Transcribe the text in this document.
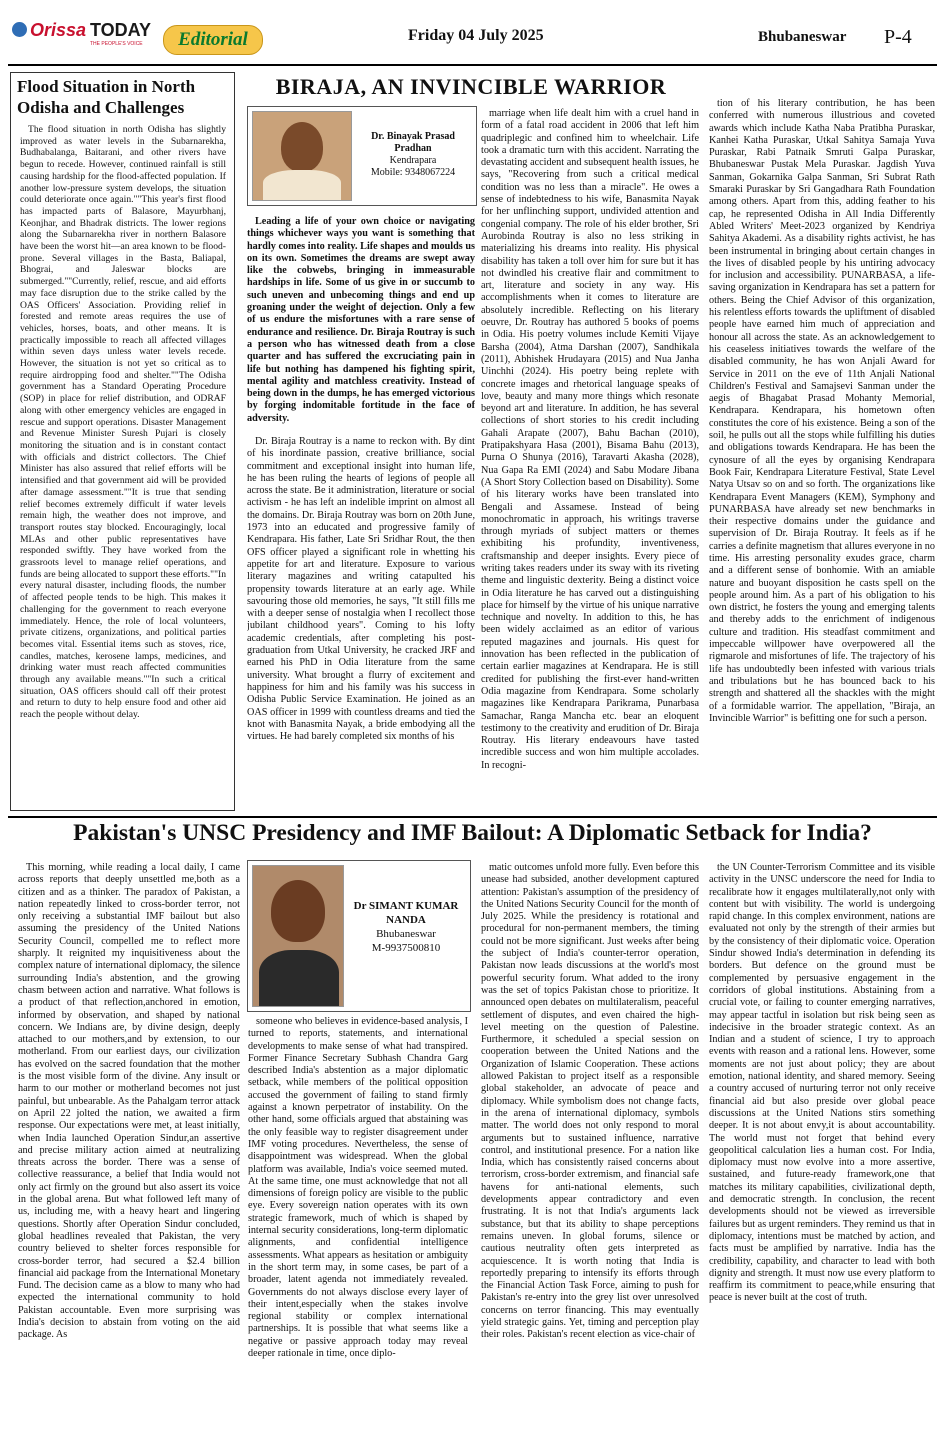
Orissa TODAY
THE PEOPLE'S VOICE	Editorial	Friday 04 July 2025	Bhubaneswar P-4
Flood Situation in North Odisha and Challenges

The flood situation in north Odisha has slightly improved as water levels in the Subarnarekha, Budhabalanga, Baitarani, and other rivers have begun to recede. However, continued rainfall is still causing hardship for the flood-affected population. If another low-pressure system develops, the situation could deteriorate once again.""This year's first flood has impacted parts of Balasore, Mayurbhanj, Keonjhar, and Bhadrak districts. The lower regions along the Subarnarekha river in northern Balasore have been the worst hit—an area known to be flood-prone. Several villages in the Basta, Baliapal, Bhograi, and Jaleswar blocks are submerged.""Currently, relief, rescue, and aid efforts may face disruption due to the strike called by the OAS Officers' Association. Providing relief in forested and remote areas requires the use of vehicles, horses, boats, and other means. It is practically impossible to reach all affected villages within seven days unless water levels recede. However, the situation is not yet so critical as to require airdropping food and shelter.""The Odisha government has a Standard Operating Procedure (SOP) in place for relief distribution, and ODRAF along with other emergency vehicles are engaged in rescue and support operations. Disaster Management and Revenue Minister Suresh Pujari is closely monitoring the situation and is in constant contact with officials and district collectors. The Chief Minister has also assured that relief efforts will be intensified and that government aid will be provided after damage assessment.""It is true that sending relief becomes extremely difficult if water levels remain high, the weather does not improve, and transport routes stay blocked. Encouragingly, local MLAs and other public representatives have responded swiftly. They have worked from the grassroots level to manage relief operations, and funds are being allocated to support these efforts.""In every natural disaster, including floods, the number of affected people tends to be high. This makes it challenging for the government to reach everyone immediately. Hence, the role of local volunteers, private citizens, organizations, and political parties becomes vital. Essential items such as stoves, rice, candles, matches, kerosene lamps, medicines, and drinking water must reach affected communities through any available means.""In such a critical situation, OAS officers should call off their protest and return to duty to help ensure food and other aid reach the people without delay.

BIRAJA, AN INVINCIBLE WARRIOR
Dr. Binayak Prasad Pradhan
Kendrapara
Mobile: 9348067224

Leading a life of your own choice or navigating things whichever ways you want is something that hardly comes into reality. Life shapes and moulds us on its own. Sometimes the dreams are swept away like the cobwebs, bringing in immeasurable hardships in life. Some of us give in or succumb to such uneven and unbecoming things and end up groaning under the weight of dejection. Only a few of us endure the misfortunes with a rare sense of endurance and resilience. Dr. Biraja Routray is such a person who has witnessed death from a close quarter and has suffered the excruciating pain in life but nothing has dampened his fighting spirit, mental agility and matchless creativity. Instead of being down in the dumps, he has emerged victorious by forging indomitable fortitude in the face of adversity.

Dr. Biraja Routray is a name to reckon with. By dint of his inordinate passion, creative brilliance, social commitment and exceptional insight into human life, he has been ruling the hearts of legions of people all across the state. Be it administration, literature or social activism - he has left an indelible imprint on almost all the domains. Dr. Biraja Routray was born on 20th June, 1973 into an educated and progressive family of Kendrapara. His father, Late Sri Sridhar Rout, the then OFS officer played a significant role in whetting his appetite for art and literature. Exposure to various literary magazines and writing catapulted his propensity towards literature at an early age. While savouring those old memories, he says, "It still fills me with a deeper sense of nostalgia when I recollect those jubilant childhood years". Coming to his lofty academic credentials, after completing his post-graduation from Utkal University, he cracked JRF and earned his PhD in Odia literature from the same university. What brought a flurry of excitement and happiness for him and his family was his success in Odisha Public Service Examination. He joined as an OAS officer in 1999 with countless dreams and tied the knot with Banasmita Nayak, a bride embodying all the virtues. He had barely completed six months of his

marriage when life dealt him with a cruel hand in form of a fatal road accident in 2006 that left him quadriplegic and confined him to wheelchair. Life took a dramatic turn with this accident. Narrating the devastating accident and subsequent health issues, he says, "Recovering from such a critical medical condition was no less than a miracle". He owes a sense of indebtedness to his wife, Banasmita Nayak for her unflinching support, undivided attention and congenial company. The role of his elder brother, Sri Aurobinda Routray is also no less striking in materializing his dreams into reality. His physical disability has taken a toll over him for sure but it has not dwindled his creative flair and commitment to art, literature and society in any way. His accomplishments when it comes to literature are absolutely incredible. Reflecting on his literary oeuvre, Dr. Routray has authored 5 books of poems in Odia. His poetry volumes include Kemiti Vijaye Barsha (2004), Atma Darshan (2007), Sandhikala (2011), Abhishek Hrudayara (2015) and Nua Janha Uinchhi (2024). His poetry being replete with concrete images and rhetorical language speaks of love, beauty and many more things which resonate beyond art and literature. In addition, he has several collections of short stories to his credit including Gahali Arapate (2007), Bahu Bachan (2010), Pratipakshyara Hasa (2001), Bisama Bahu (2013), Purna O Shunya (2016), Taravarti Akasha (2028), Nua Gapa Ra EMI (2024) and Sabu Modare Jibana (A Short Story Collection based on Disability). Some of his literary works have been translated into Bengali and Assamese. Instead of being monochromatic in approach, his writings traverse through myriads of subject matters or themes exhibiting his profundity, inventiveness, craftsmanship and deeper insights. Every piece of writing takes readers under its sway with its riveting theme and linguistic dexterity. Being a distinct voice in Odia literature he has carved out a distinguishing place for himself by the virtue of his unique narrative technique and novelty. In addition to this, he has been widely acclaimed as an editor of various reputed magazines and journals. His quest for innovation has been reflected in the publication of certain earlier magazines at Kendrapara. He is still credited for publishing the first-ever hand-written Odia magazine from Kendrapara. Some scholarly magazines like Kendrapara Parikrama, Punarbasa Samachar, Ranga Mancha etc. bear an eloquent testimony to the creativity and erudition of Dr. Biraja Routray. His literary endeavours have tasted incredible success and won him multiple accolades. In recogni-

tion of his literary contribution, he has been conferred with numerous illustrious and coveted awards which include Katha Naba Pratibha Puraskar, Kanhei Katha Puraskar, Utkal Sahitya Samaja Yuva Puraskar, Rabi Patnaik Smruti Galpa Puraskar, Bhubaneswar Pustak Mela Puraskar. Jagdish Yuva Sanman, Gokarnika Galpa Sanman, Sri Subrat Rath Smaraki Puraskar by Sri Gangadhara Rath Foundation among others. Apart from this, adding feather to his cap, he represented Odisha in All India Differently Abled Writers' Meet-2023 organized by Kendriya Sahitya Akademi. As a disability rights activist, he has been instrumental in bringing about certain changes in the lives of disabled people by his untiring advocacy for inclusion and accessibility. PUNARBASA, a life-saving organization in Kendrapara has set a pattern for others. Being the Chief Advisor of this organization, his relentless efforts towards the upliftment of disabled people have earned him much of appreciation and honour all across the state. As an acknowledgement to his ceaseless initiatives towards the welfare of the disabled community, he has won Anjali Award for Service in 2011 on the eve of 11th Anjali National Children's Festival and Samajsevi Sanman under the aegis of Bhagabat Prasad Mohanty Memorial, Kendrapara. Kendrapara, his hometown often constitutes the core of his existence. Being a son of the soil, he pulls out all the stops while fulfilling his duties and obligations towards Kendrapara. He has been the cynosure of all the eyes by organising Kendrapara Book Fair, Kendrapara Literature Festival, State Level Natya Utsav so on and so forth. The organizations like Kendrapara Event Managers (KEM), Symphony and PUNARBASA have already set new benchmarks in their respective domains under the guidance and supervision of Dr. Biraja Routray. It feels as if he carries a definite magnetism that allures everyone in no time. His arresting personality exudes grace, charm and a different sense of bonhomie. With an amiable nature and buoyant disposition he casts spell on the people around him. As a part of his obligation to his own district, he fosters the young and emerging talents and thereby adds to the enrichment of indigenous culture and tradition. His steadfast commitment and impeccable willpower have overpowered all the rigmarole and misfortunes of life. The trajectory of his life has undoubtedly been infested with various trials and tribulations but he has bounced back to his strength and shattered all the shackles with the might of a formidable warrior. The appellation, "Biraja, an Invincible Warrior" is befitting one for such a person.

Pakistan's UNSC Presidency and IMF Bailout: A Diplomatic Setback for India?
Dr SIMANT KUMAR NANDA
Bhubaneswar
M-9937500810

This morning, while reading a local daily, I came across reports that deeply unsettled me,both as a citizen and as a thinker. The paradox of Pakistan, a nation repeatedly linked to cross-border terror, not only receiving a substantial IMF bailout but also assuming the presidency of the United Nations Security Council, compelled me to reflect more sharply. It reignited my inquisitiveness about the complex nature of international diplomacy, the silence surrounding India's abstention, and the growing chasm between action and narrative. What follows is a product of that reflection,anchored in emotion, informed by observation, and shaped by national concern. We Indians are, by divine design, deeply attached to our mothers,and by extension, to our motherland. From our earliest days, our civilization has evolved on the sacred foundation that the mother is the most visible form of the divine. Any insult or harm to our mother or motherland becomes not just painful, but unbearable. As the Pahalgam terror attack on April 22 jolted the nation, we awaited a firm response. Our expectations were met, at least initially, when India launched Operation Sindur,an assertive and precise military action aimed at neutralizing threats across the border. There was a sense of collective reassurance, a belief that India would not only act firmly on the ground but also assert its voice in the global arena. But what followed left many of us, including me, with a heavy heart and lingering questions. Shortly after Operation Sindur concluded, global headlines revealed that Pakistan, the very country believed to shelter forces responsible for cross-border terror, had secured a $2.4 billion financial aid package from the International Monetary Fund. The decision came as a blow to many who had expected the international community to hold Pakistan accountable. Even more surprising was India's decision to abstain from voting on the aid package. As

someone who believes in evidence-based analysis, I turned to reports, statements, and international developments to make sense of what had transpired. Former Finance Secretary Subhash Chandra Garg described India's abstention as a major diplomatic setback, while members of the political opposition accused the government of failing to stand firmly against a known perpetrator of instability. On the other hand, some officials argued that abstaining was the only feasible way to register disagreement under IMF voting procedures. Nevertheless, the sense of disappointment was widespread. When the global platform was available, India's voice seemed muted. At the same time, one must acknowledge that not all dimensions of foreign policy are visible to the public eye. Every sovereign nation operates with its own strategic framework, much of which is shaped by internal security considerations, long-term diplomatic alignments, and confidential intelligence assessments. What appears as hesitation or ambiguity in the short term may, in some cases, be part of a broader, latent agenda not immediately revealed. Governments do not always disclose every layer of their intent,especially when the stakes involve regional stability or complex international partnerships. It is possible that what seems like a negative or passive approach today may reveal deeper rationale in time, once diplo-

matic outcomes unfold more fully. Even before this unease had subsided, another development captured attention: Pakistan's assumption of the presidency of the United Nations Security Council for the month of July 2025. While the presidency is rotational and procedural for non-permanent members, the timing could not be more significant. Just weeks after being the subject of India's counter-terror operation, Pakistan now leads discussions at the world's most powerful security forum. What added to the irony was the set of topics Pakistan chose to prioritize. It announced open debates on multilateralism, peaceful settlement of disputes, and even chaired the high-level meeting on the question of Palestine. Furthermore, it scheduled a special session on cooperation between the United Nations and the Organization of Islamic Cooperation. These actions allowed Pakistan to project itself as a responsible global stakeholder, an advocate of peace and diplomacy. While symbolism does not change facts, in the arena of international diplomacy, symbols matter. The world does not only respond to moral arguments but to sustained influence, narrative control, and institutional presence. For a nation like India, which has consistently raised concerns about terrorism, cross-border extremism, and financial safe havens for anti-national elements, such developments appear contradictory and even frustrating. It is not that India's arguments lack substance, but that its ability to shape perceptions remains uneven. In global forums, silence or cautious neutrality often gets interpreted as acquiescence. It is worth noting that India is reportedly preparing to intensify its efforts through the Financial Action Task Force, aiming to push for Pakistan's re-entry into the grey list over unresolved concerns on terror financing. This may eventually yield strategic gains. Yet, timing and perception play their roles. Pakistan's recent election as vice-chair of

the UN Counter-Terrorism Committee and its visible activity in the UNSC underscore the need for India to recalibrate how it engages multilaterally,not only with content but with visibility. The world is undergoing rapid change. In this complex environment, nations are evaluated not only by the strength of their armies but by the consistency of their diplomatic voice. Operation Sindur showed India's determination in defending its borders. But defence on the ground must be complemented by persuasive engagement in the corridors of global institutions. Abstaining from a crucial vote, or failing to counter emerging narratives, may appear tactful in isolation but risk being seen as indecisive in the broader strategic context. As an Indian and a student of science, I try to approach events with reason and a rational lens. However, some moments are not just about policy; they are about emotion, national identity, and shared memory. Seeing a country accused of nurturing terror not only receive financial aid but also preside over global peace discussions at the United Nations stirs something deeper. It is not about envy,it is about accountability. The world must not forget that behind every geopolitical calculation lies a human cost. For India, diplomacy must now evolve into a more assertive, sustained, and future-ready framework,one that matches its military capabilities, civilizational depth, and democratic strength. In conclusion, the recent developments should not be viewed as irreversible failures but as urgent reminders. They remind us that in diplomacy, intentions must be matched by action, and facts must be amplified by narrative. India has the credibility, capability, and character to lead with both dignity and strength. It must now use every platform to reaffirm its commitment to peace,while ensuring that peace is never built at the cost of truth.
